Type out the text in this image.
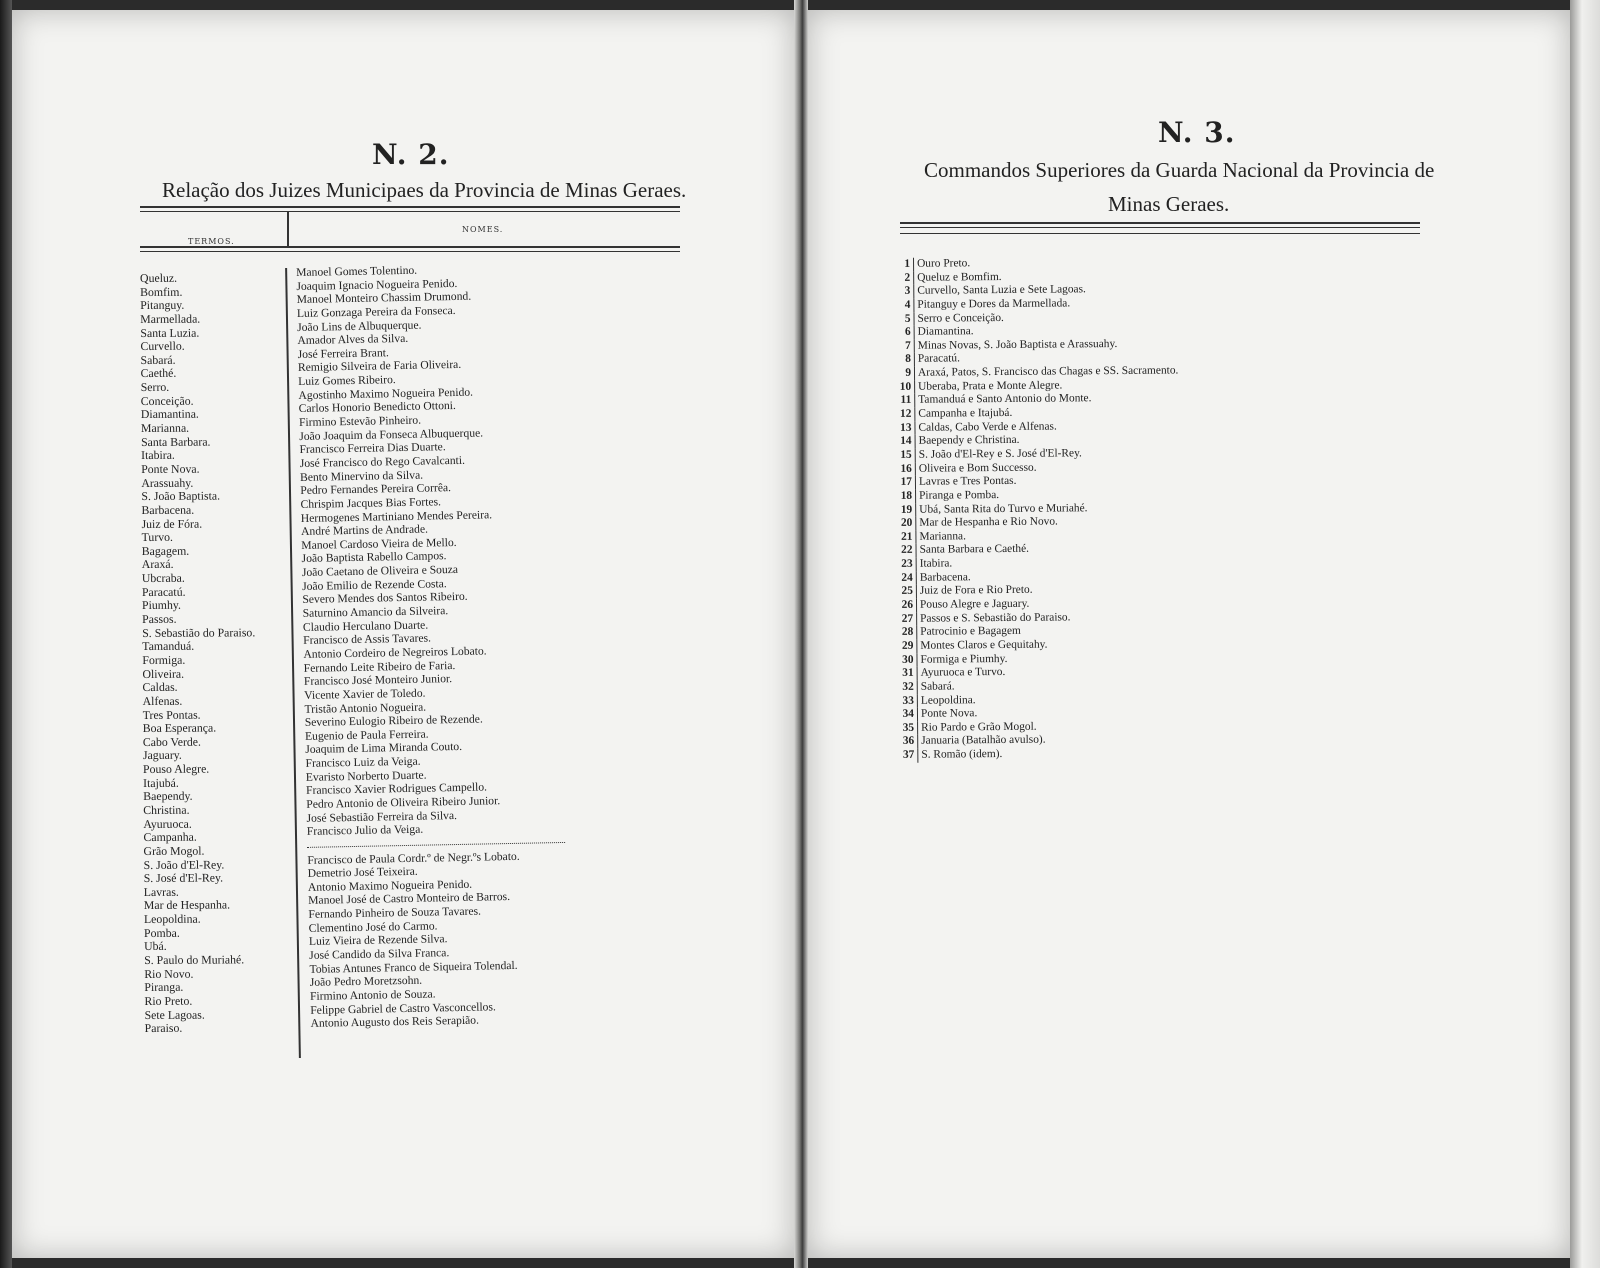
N. 2.
Relação dos Juizes Municipaes da Provincia de Minas Geraes.
TERMOS.
NOMES.
Queluz.
Bomfim.
Pitanguy.
Marmellada.
Santa Luzia.
Curvello.
Sabará.
Caethé.
Serro.
Conceição.
Diamantina.
Marianna.
Santa Barbara.
Itabira.
Ponte Nova.
Arassuahy.
S. João Baptista.
Barbacena.
Juiz de Fóra.
Turvo.
Bagagem.
Araxá.
Ubcraba.
Paracatú.
Piumhy.
Passos.
S. Sebastião do Paraiso.
Tamanduá.
Formiga.
Oliveira.
Caldas.
Alfenas.
Tres Pontas.
Boa Esperança.
Cabo Verde.
Jaguary.
Pouso Alegre.
Itajubá.
Baependy.
Christina.
Ayuruoca.
Campanha.
Grão Mogol.
S. João d'El-Rey.
S. José d'El-Rey.
Lavras.
Mar de Hespanha.
Leopoldina.
Pomba.
Ubá.
S. Paulo do Muriahé.
Rio Novo.
Piranga.
Rio Preto.
Sete Lagoas.
Paraiso.
Manoel Gomes Tolentino.
Joaquim Ignacio Nogueira Penido.
Manoel Monteiro Chassim Drumond.
Luiz Gonzaga Pereira da Fonseca.
João Lins de Albuquerque.
Amador Alves da Silva.
José Ferreira Brant.
Remigio Silveira de Faria Oliveira.
Luiz Gomes Ribeiro.
Agostinho Maximo Nogueira Penido.
Carlos Honorio Benedicto Ottoni.
Firmino Estevão Pinheiro.
João Joaquim da Fonseca Albuquerque.
Francisco Ferreira Dias Duarte.
José Francisco do Rego Cavalcanti.
Bento Minervino da Silva.
Pedro Fernandes Pereira Corrêa.
Chrispim Jacques Bias Fortes.
Hermogenes Martiniano Mendes Pereira.
André Martins de Andrade.
Manoel Cardoso Vieira de Mello.
João Baptista Rabello Campos.
João Caetano de Oliveira e Souza
João Emilio de Rezende Costa.
Severo Mendes dos Santos Ribeiro.
Saturnino Amancio da Silveira.
Claudio Herculano Duarte.
Francisco de Assis Tavares.
Antonio Cordeiro de Negreiros Lobato.
Fernando Leite Ribeiro de Faria.
Francisco José Monteiro Junior.
Vicente Xavier de Toledo.
Tristão Antonio Nogueira.
Severino Eulogio Ribeiro de Rezende.
Eugenio de Paula Ferreira.
Joaquim de Lima Miranda Couto.
Francisco Luiz da Veiga.
Evaristo Norberto Duarte.
Francisco Xavier Rodrigues Campello.
Pedro Antonio de Oliveira Ribeiro Junior.
José Sebastião Ferreira da Silva.
Francisco Julio da Veiga.
Francisco de Paula Cordr.º de Negr.ºs Lobato.
Demetrio José Teixeira.
Antonio Maximo Nogueira Penido.
Manoel José de Castro Monteiro de Barros.
Fernando Pinheiro de Souza Tavares.
Clementino José do Carmo.
Luiz Vieira de Rezende Silva.
José Candido da Silva Franca.
Tobias Antunes Franco de Siqueira Tolendal.
João Pedro Moretzsohn.
Firmino Antonio de Souza.
Felippe Gabriel de Castro Vasconcellos.
Antonio Augusto dos Reis Serapião.
N. 3.
Commandos Superiores da Guarda Nacional da Provincia de
Minas Geraes.
1 Ouro Preto.
2 Queluz e Bomfim.
3 Curvello, Santa Luzia e Sete Lagoas.
4 Pitanguy e Dores da Marmellada.
5 Serro e Conceição.
6 Diamantina.
7 Minas Novas, S. João Baptista e Arassuahy.
8 Paracatú.
9 Araxá, Patos, S. Francisco das Chagas e SS. Sacramento.
10 Uberaba, Prata e Monte Alegre.
11 Tamanduá e Santo Antonio do Monte.
12 Campanha e Itajubá.
13 Caldas, Cabo Verde e Alfenas.
14 Baependy e Christina.
15 S. João d'El-Rey e S. José d'El-Rey.
16 Oliveira e Bom Successo.
17 Lavras e Tres Pontas.
18 Piranga e Pomba.
19 Ubá, Santa Rita do Turvo e Muriahé.
20 Mar de Hespanha e Rio Novo.
21 Marianna.
22 Santa Barbara e Caethé.
23 Itabira.
24 Barbacena.
25 Juiz de Fora e Rio Preto.
26 Pouso Alegre e Jaguary.
27 Passos e S. Sebastião do Paraiso.
28 Patrocinio e Bagagem
29 Montes Claros e Gequitahy.
30 Formiga e Piumhy.
31 Ayuruoca e Turvo.
32 Sabará.
33 Leopoldina.
34 Ponte Nova.
35 Rio Pardo e Grão Mogol.
36 Januaria (Batalhão avulso).
37 S. Romão (idem).
